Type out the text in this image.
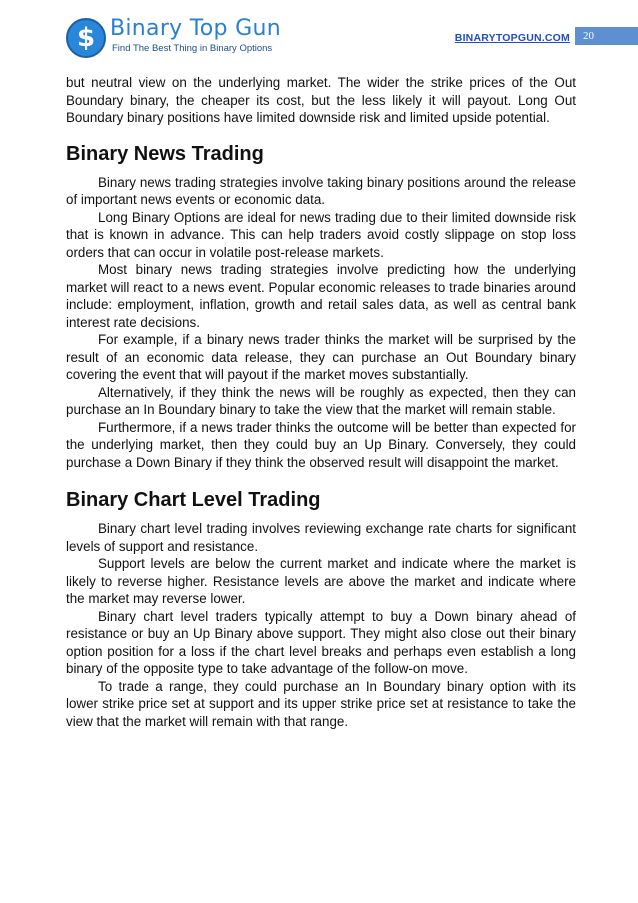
$ Binary Top Gun
Find The Best Thing in Binary Options
BINARYTOPGUN.COM	20

but neutral view on the underlying market. The wider the strike prices of the Out Boundary binary, the cheaper its cost, but the less likely it will payout. Long Out Boundary binary positions have limited downside risk and limited upside potential.

Binary News Trading

Binary news trading strategies involve taking binary positions around the release of important news events or economic data.

Long Binary Options are ideal for news trading due to their limited downside risk that is known in advance. This can help traders avoid costly slippage on stop loss orders that can occur in volatile post-release markets.

Most binary news trading strategies involve predicting how the underlying market will react to a news event. Popular economic releases to trade binaries around include: employment, inflation, growth and retail sales data, as well as central bank interest rate decisions.

For example, if a binary news trader thinks the market will be surprised by the result of an economic data release, they can purchase an Out Boundary binary covering the event that will payout if the market moves substantially.

Alternatively, if they think the news will be roughly as expected, then they can purchase an In Boundary binary to take the view that the market will remain stable.

Furthermore, if a news trader thinks the outcome will be better than expected for the underlying market, then they could buy an Up Binary. Conversely, they could purchase a Down Binary if they think the observed result will disappoint the market.

Binary Chart Level Trading

Binary chart level trading involves reviewing exchange rate charts for significant levels of support and resistance.

Support levels are below the current market and indicate where the market is likely to reverse higher. Resistance levels are above the market and indicate where the market may reverse lower.

Binary chart level traders typically attempt to buy a Down binary ahead of resistance or buy an Up Binary above support. They might also close out their binary option position for a loss if the chart level breaks and perhaps even establish a long binary of the opposite type to take advantage of the follow-on move.

To trade a range, they could purchase an In Boundary binary option with its lower strike price set at support and its upper strike price set at resistance to take the view that the market will remain with that range.
